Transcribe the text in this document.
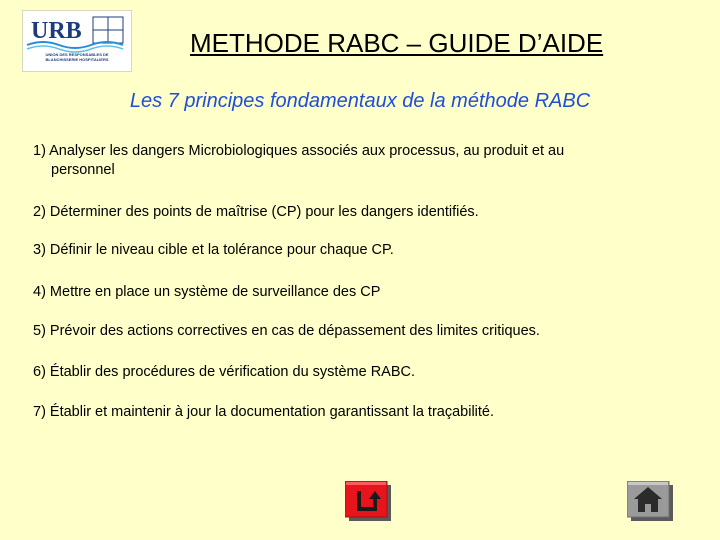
URB
UNION DES RESPONSABLES DE BLANCHISSERIE HOSPITALIERS
METHODE RABC – GUIDE D’AIDE
Les 7 principes fondamentaux de la méthode RABC
1) Analyser les dangers Microbiologiques associés aux processus, au produit et au
personnel
2) Déterminer des points de maîtrise (CP) pour les dangers identifiés.
3) Définir le niveau cible et la tolérance pour chaque CP.
4) Mettre en place un système de surveillance des CP
5) Prévoir des actions correctives en cas de dépassement des limites critiques.
6) Établir des procédures de vérification du système RABC.
7) Établir et maintenir à jour la documentation garantissant la traçabilité.
